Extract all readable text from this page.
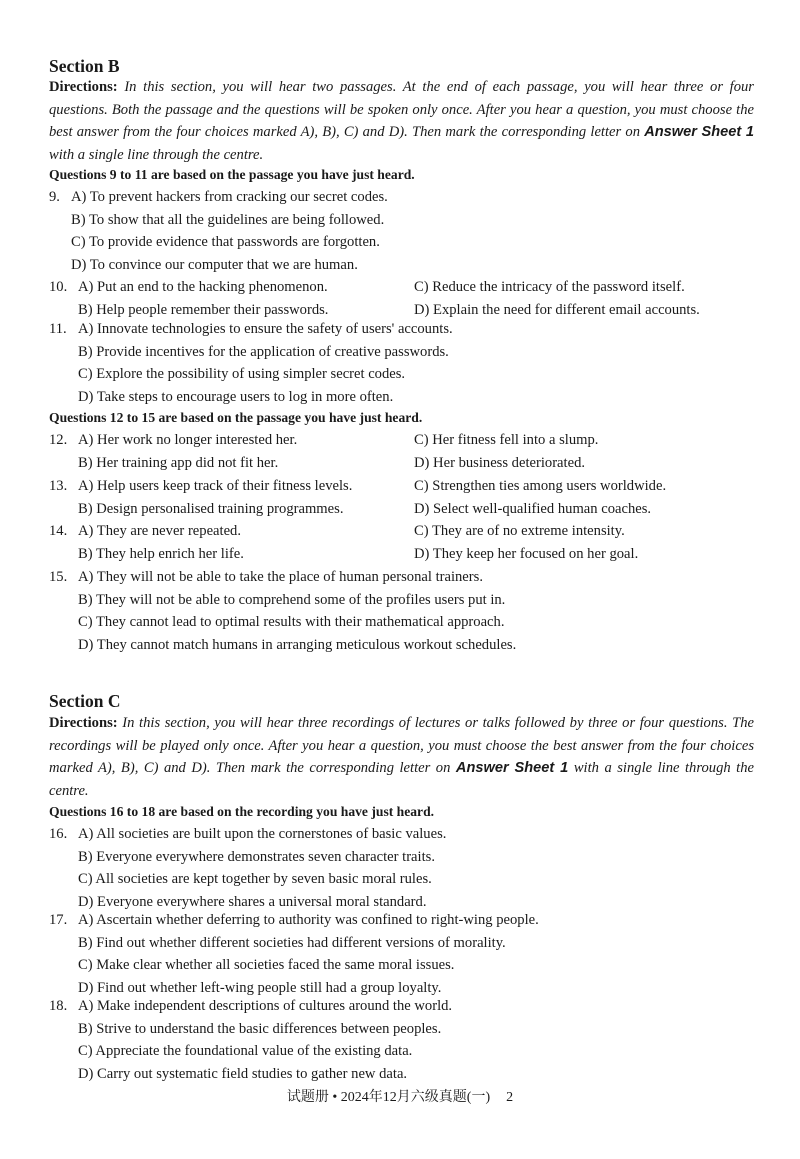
Section B
Directions: In this section, you will hear two passages. At the end of each passage, you will hear three or four questions. Both the passage and the questions will be spoken only once. After you hear a question, you must choose the best answer from the four choices marked A), B), C) and D). Then mark the corresponding letter on Answer Sheet 1 with a single line through the centre.
Questions 9 to 11 are based on the passage you have just heard.
9. A) To prevent hackers from cracking our secret codes.
B) To show that all the guidelines are being followed.
C) To provide evidence that passwords are forgotten.
D) To convince our computer that we are human.
10. A) Put an end to the hacking phenomenon.	C) Reduce the intricacy of the password itself.
B) Help people remember their passwords.	D) Explain the need for different email accounts.
11. A) Innovate technologies to ensure the safety of users' accounts.
B) Provide incentives for the application of creative passwords.
C) Explore the possibility of using simpler secret codes.
D) Take steps to encourage users to log in more often.
Questions 12 to 15 are based on the passage you have just heard.
12. A) Her work no longer interested her.	C) Her fitness fell into a slump.
B) Her training app did not fit her.	D) Her business deteriorated.
13. A) Help users keep track of their fitness levels.	C) Strengthen ties among users worldwide.
B) Design personalised training programmes.	D) Select well-qualified human coaches.
14. A) They are never repeated.	C) They are of no extreme intensity.
B) They help enrich her life.	D) They keep her focused on her goal.
15. A) They will not be able to take the place of human personal trainers.
B) They will not be able to comprehend some of the profiles users put in.
C) They cannot lead to optimal results with their mathematical approach.
D) They cannot match humans in arranging meticulous workout schedules.
Section C
Directions: In this section, you will hear three recordings of lectures or talks followed by three or four questions. The recordings will be played only once. After you hear a question, you must choose the best answer from the four choices marked A), B), C) and D). Then mark the corresponding letter on Answer Sheet 1 with a single line through the centre.
Questions 16 to 18 are based on the recording you have just heard.
16. A) All societies are built upon the cornerstones of basic values.
B) Everyone everywhere demonstrates seven character traits.
C) All societies are kept together by seven basic moral rules.
D) Everyone everywhere shares a universal moral standard.
17. A) Ascertain whether deferring to authority was confined to right-wing people.
B) Find out whether different societies had different versions of morality.
C) Make clear whether all societies faced the same moral issues.
D) Find out whether left-wing people still had a group loyalty.
18. A) Make independent descriptions of cultures around the world.
B) Strive to understand the basic differences between peoples.
C) Appreciate the foundational value of the existing data.
D) Carry out systematic field studies to gather new data.
试题册 • 2024年12月六级真题(一) 2
